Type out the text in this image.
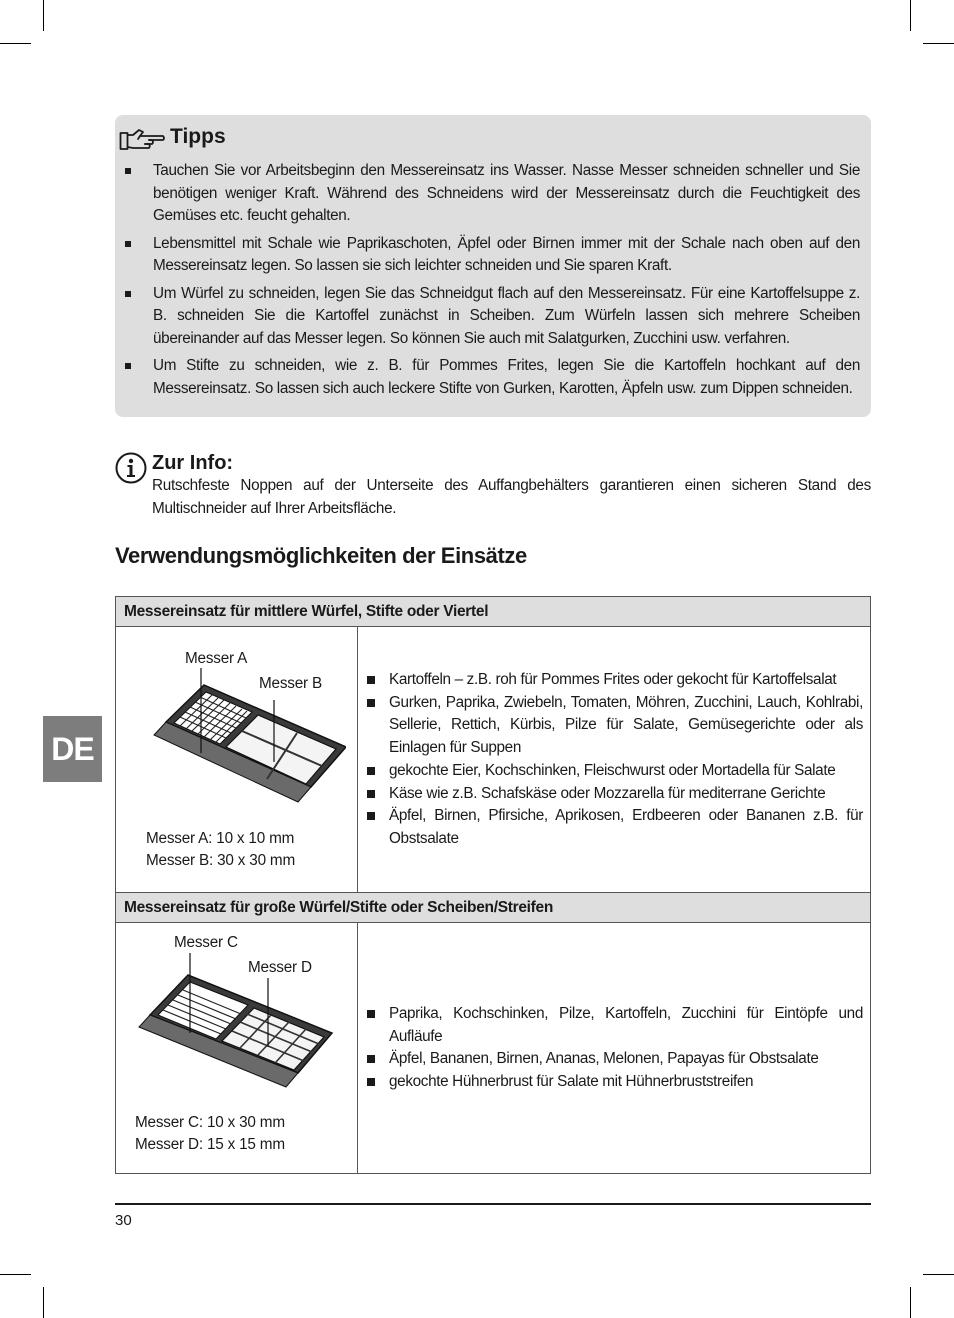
Tipps
Tauchen Sie vor Arbeitsbeginn den Messereinsatz ins Wasser. Nasse Messer schneiden schneller und Sie benötigen weniger Kraft. Während des Schneidens wird der Messereinsatz durch die Feuchtigkeit des Gemüses etc. feucht gehalten.
Lebensmittel mit Schale wie Paprikaschoten, Äpfel oder Birnen immer mit der Schale nach oben auf den Messereinsatz legen. So lassen sie sich leichter schneiden und Sie sparen Kraft.
Um Würfel zu schneiden, legen Sie das Schneidgut flach auf den Messereinsatz. Für eine Kartoffelsuppe z. B. schneiden Sie die Kartoffel zunächst in Scheiben. Zum Würfeln lassen sich mehrere Scheiben übereinander auf das Messer legen. So können Sie auch mit Salatgurken, Zucchini usw. verfahren.
Um Stifte zu schneiden, wie z. B. für Pommes Frites, legen Sie die Kartoffeln hochkant auf den Messereinsatz. So lassen sich auch leckere Stifte von Gurken, Karotten, Äpfeln usw. zum Dippen schneiden.
Zur Info:
Rutschfeste Noppen auf der Unterseite des Auffangbehälters garantieren einen sicheren Stand des Multischneider auf Ihrer Arbeitsfläche.
Verwendungsmöglichkeiten der Einsätze
Messereinsatz für mittlere Würfel, Stifte oder Viertel
Messer A
Messer B
Messer A: 10 x 10 mm
Messer B: 30 x 30 mm
Kartoffeln – z.B. roh für Pommes Frites oder gekocht für Kartoffelsalat
Gurken, Paprika, Zwiebeln, Tomaten, Möhren, Zucchini, Lauch, Kohlrabi, Sellerie, Rettich, Kürbis, Pilze für Salate, Gemüsegerichte oder als Einlagen für Suppen
gekochte Eier, Kochschinken, Fleischwurst oder Mortadella für Salate
Käse wie z.B. Schafskäse oder Mozzarella für mediterrane Gerichte
Äpfel, Birnen, Pfirsiche, Aprikosen, Erdbeeren oder Bananen z.B. für Obstsalate
Messereinsatz für große Würfel/Stifte oder Scheiben/Streifen
Messer C
Messer D
Messer C: 10 x 30 mm
Messer D: 15 x 15 mm
Paprika, Kochschinken, Pilze, Kartoffeln, Zucchini für Eintöpfe und Aufläufe
Äpfel, Bananen, Birnen, Ananas, Melonen, Papayas für Obstsalate
gekochte Hühnerbrust für Salate mit Hühnerbruststreifen
DE
30
